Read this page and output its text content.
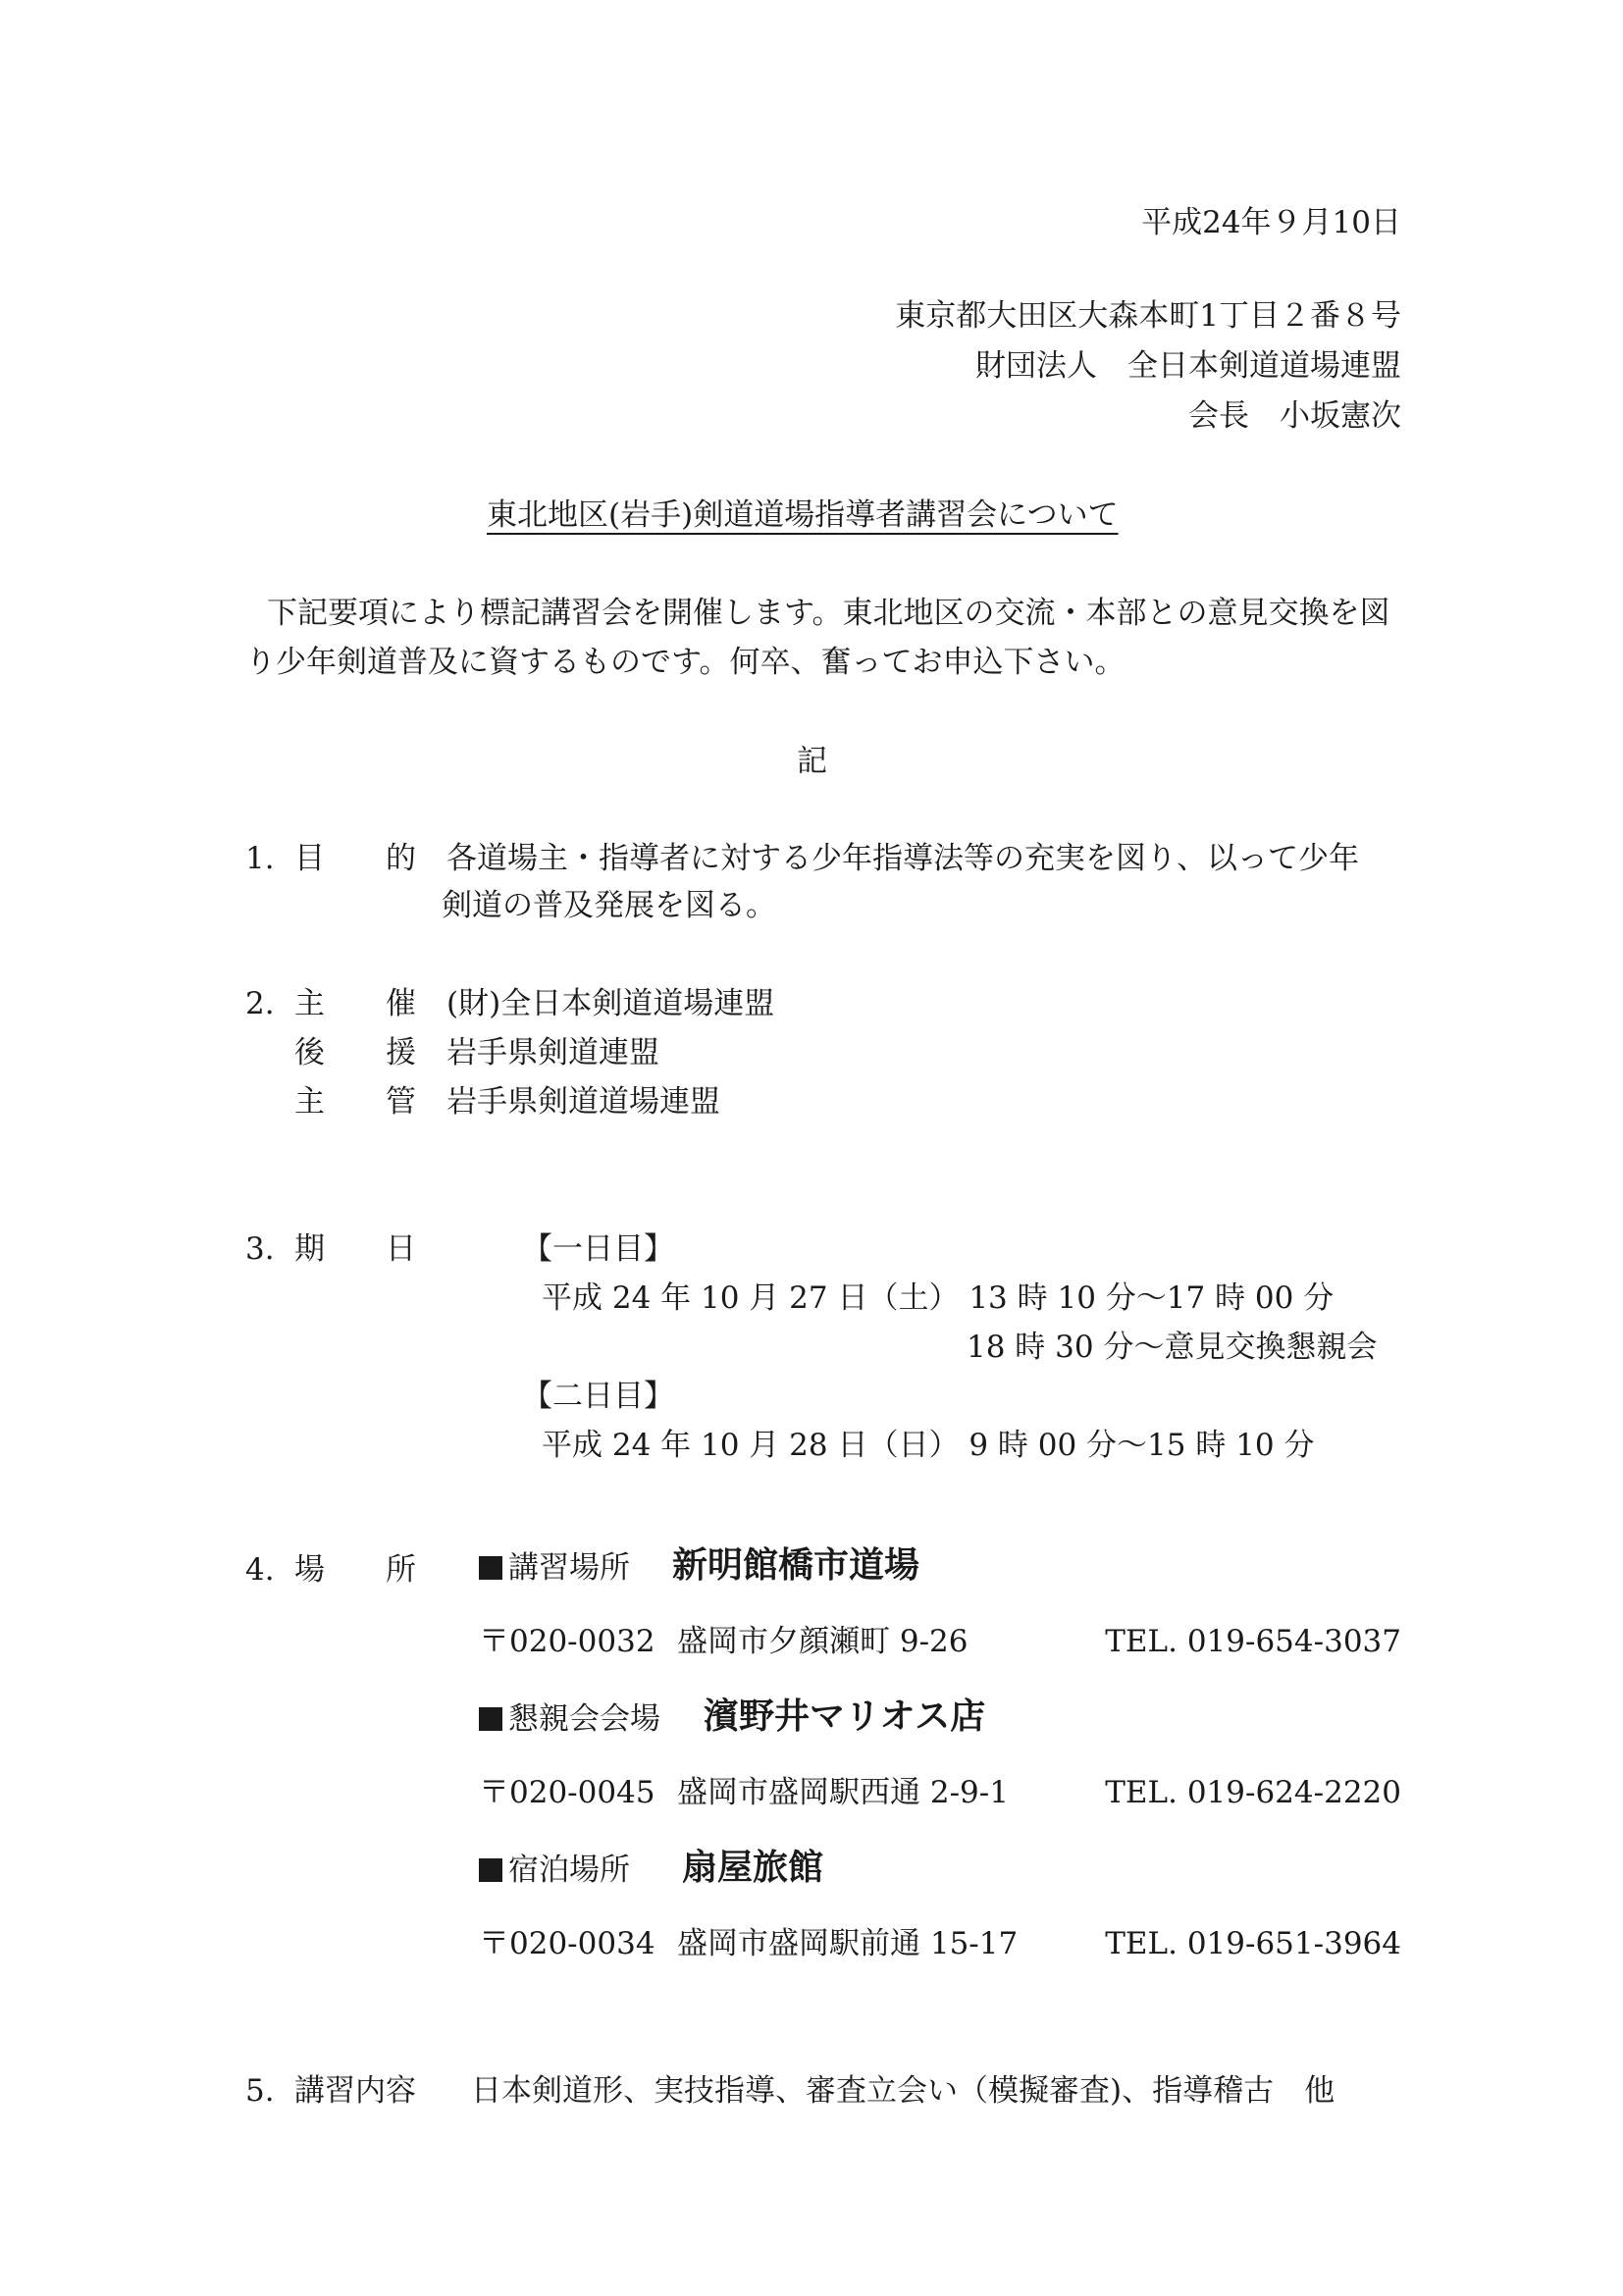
平成24年９月10日
東京都大田区大森本町1丁目２番８号
財団法人　全日本剣道道場連盟
会長　小坂憲次
東北地区(岩手)剣道道場指導者講習会について
下記要項により標記講習会を開催します。東北地区の交流・本部との意見交換を図
り少年剣道普及に資するものです。何卒、奮ってお申込下さい。
記
1. 目　　的 各道場主・指導者に対する少年指導法等の充実を図り、以って少年
剣道の普及発展を図る。
2. 主　　催 (財)全日本剣道道場連盟
後　　援 岩手県剣道連盟
主　　管 岩手県剣道道場連盟
3. 期　　日	【一日目】
平成 24 年 10 月 27 日（土） 13 時 10 分～17 時 00 分
18 時 30 分～意見交換懇親会
【二日目】
平成 24 年 10 月 28 日（日） 9 時 00 分～15 時 10 分
4. 場　　所	講習場所 新明館橋市道場
〒020-0032 盛岡市夕顔瀬町 9-26	TEL. 019-654-3037
懇親会会場 濱野井マリオス店
〒020-0045 盛岡市盛岡駅西通 2-9-1	TEL. 019-624-2220
宿泊場所 扇屋旅館
〒020-0034 盛岡市盛岡駅前通 15-17	TEL. 019-651-3964
5. 講習内容 日本剣道形、実技指導、審査立会い（模擬審査)、指導稽古　他
